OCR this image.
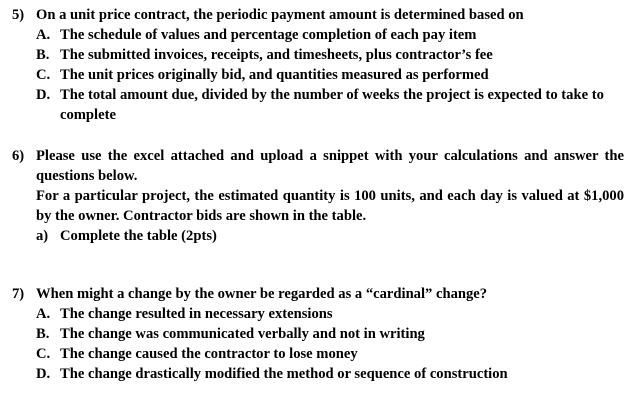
5) On a unit price contract, the periodic payment amount is determined based on
A. The schedule of values and percentage completion of each pay item
B. The submitted invoices, receipts, and timesheets, plus contractor’s fee
C. The unit prices originally bid, and quantities measured as performed
D. The total amount due, divided by the number of weeks the project is expected to take to complete
6) Please use the excel attached and upload a snippet with your calculations and answer the questions below.
For a particular project, the estimated quantity is 100 units, and each day is valued at $1,000 by the owner. Contractor bids are shown in the table.
a) Complete the table (2pts)
7) When might a change by the owner be regarded as a “cardinal” change?
A. The change resulted in necessary extensions
B. The change was communicated verbally and not in writing
C. The change caused the contractor to lose money
D. The change drastically modified the method or sequence of construction
